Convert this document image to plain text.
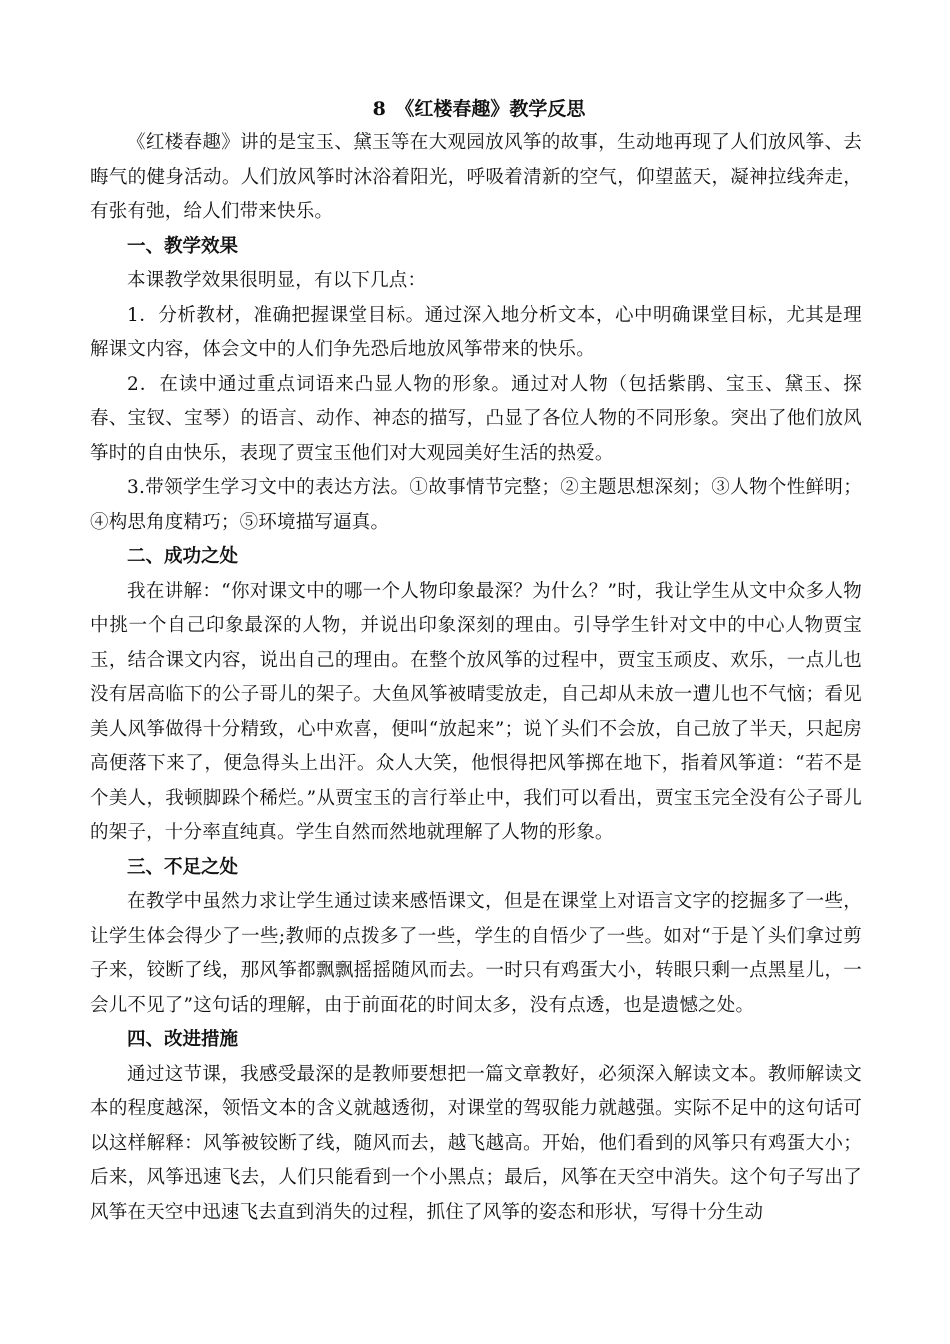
8　《红楼春趣》教学反思

《红楼春趣》讲的是宝玉、黛玉等在大观园放风筝的故事，生动地再现了人们放风筝、去晦气的健身活动。人们放风筝时沐浴着阳光，呼吸着清新的空气，仰望蓝天，凝神拉线奔走，有张有弛，给人们带来快乐。

一、教学效果

本课教学效果很明显，有以下几点：

1．分析教材，准确把握课堂目标。通过深入地分析文本，心中明确课堂目标，尤其是理解课文内容，体会文中的人们争先恐后地放风筝带来的快乐。

2．在读中通过重点词语来凸显人物的形象。通过对人物（包括紫鹃、宝玉、黛玉、探春、宝钗、宝琴）的语言、动作、神态的描写，凸显了各位人物的不同形象。突出了他们放风筝时的自由快乐，表现了贾宝玉他们对大观园美好生活的热爱。

3.带领学生学习文中的表达方法。①故事情节完整；②主题思想深刻；③人物个性鲜明；④构思角度精巧；⑤环境描写逼真。

二、成功之处

我在讲解：“你对课文中的哪一个人物印象最深？为什么？”时，我让学生从文中众多人物中挑一个自己印象最深的人物，并说出印象深刻的理由。引导学生针对文中的中心人物贾宝玉，结合课文内容，说出自己的理由。在整个放风筝的过程中，贾宝玉顽皮、欢乐，一点儿也没有居高临下的公子哥儿的架子。大鱼风筝被晴雯放走，自己却从未放一遭儿也不气恼；看见美人风筝做得十分精致，心中欢喜，便叫“放起来”；说丫头们不会放，自己放了半天，只起房高便落下来了，便急得头上出汗。众人大笑，他恨得把风筝掷在地下，指着风筝道：“若不是个美人，我顿脚跺个稀烂。”从贾宝玉的言行举止中，我们可以看出，贾宝玉完全没有公子哥儿的架子，十分率直纯真。学生自然而然地就理解了人物的形象。

三、不足之处

在教学中虽然力求让学生通过读来感悟课文，但是在课堂上对语言文字的挖掘多了一些，让学生体会得少了一些;教师的点拨多了一些，学生的自悟少了一些。如对“于是丫头们拿过剪子来，铰断了线，那风筝都飘飘摇摇随风而去。一时只有鸡蛋大小，转眼只剩一点黑星儿，一会儿不见了”这句话的理解，由于前面花的时间太多，没有点透，也是遗憾之处。

四、改进措施

通过这节课，我感受最深的是教师要想把一篇文章教好，必须深入解读文本。教师解读文本的程度越深，领悟文本的含义就越透彻，对课堂的驾驭能力就越强。实际不足中的这句话可以这样解释：风筝被铰断了线，随风而去，越飞越高。开始，他们看到的风筝只有鸡蛋大小；后来，风筝迅速飞去，人们只能看到一个小黑点；最后，风筝在天空中消失。这个句子写出了风筝在天空中迅速飞去直到消失的过程，抓住了风筝的姿态和形状，写得十分生动
